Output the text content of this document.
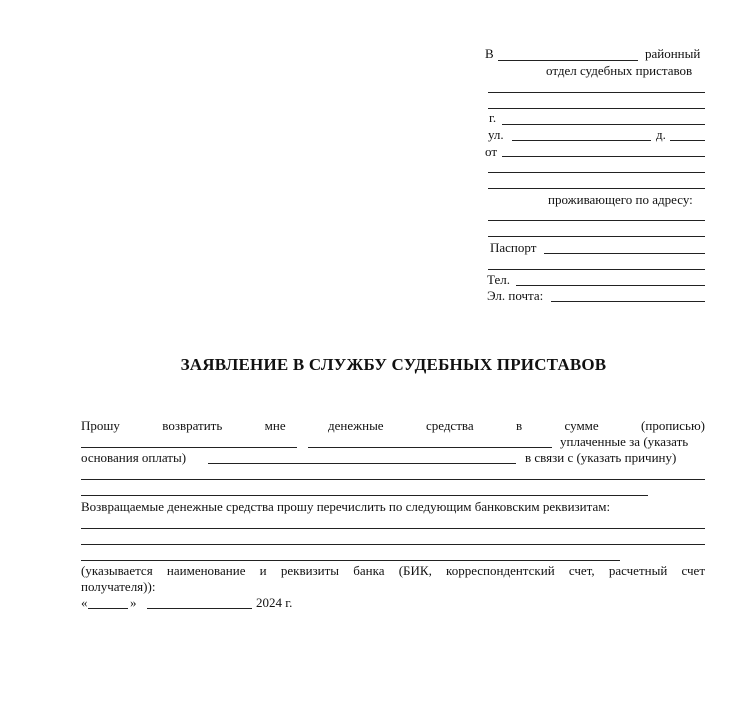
В	районный
отдел судебных приставов
г.
ул.	д.
от
проживающего по адресу:
Паспорт
Тел.
Эл. почта:
ЗАЯВЛЕНИЕ В СЛУЖБУ СУДЕБНЫХ ПРИСТАВОВ
Прошу	возвратить	мне	денежные	средства	в	сумме	(прописью)
уплаченные за (указать
основания оплаты)	в связи с (указать причину)
Возвращаемые денежные средства прошу перечислить по следующим банковским реквизитам:
(указывается наименование и реквизиты банка (БИК, корреспондентский счет, расчетный счет
получателя)):
«	»	2024 г.
